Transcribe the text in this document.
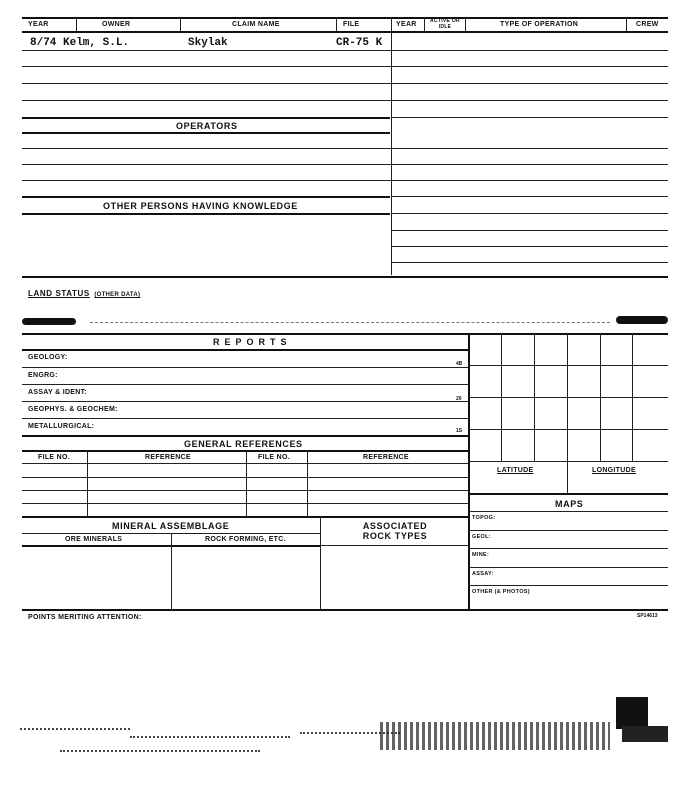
YEAR	OWNER	CLAIM NAME	FILE	YEAR	ACTIVE OR IDLE	TYPE OF OPERATION	CREW
8/74 Kelm, S.L.	Skylak	CR-75 K
OPERATORS
OTHER PERSONS HAVING KNOWLEDGE
LAND STATUS (OTHER DATA)
REPORTS
GEOLOGY:
4B
ENGRG:
ASSAY & IDENT:
20
GEOPHYS. & GEOCHEM:
METALLURGICAL:
1S
GENERAL REFERENCES
FILE NO.	REFERENCE	FILE NO.	REFERENCE
LATITUDE	LONGITUDE
MAPS
TOPOG:
GEOL:
MINE:
ASSAY:
OTHER (& PHOTOS)
MINERAL ASSEMBLAGE	ASSOCIATED ROCK TYPES
ORE MINERALS	ROCK FORMING, ETC.
POINTS MERITING ATTENTION:	SP14613
